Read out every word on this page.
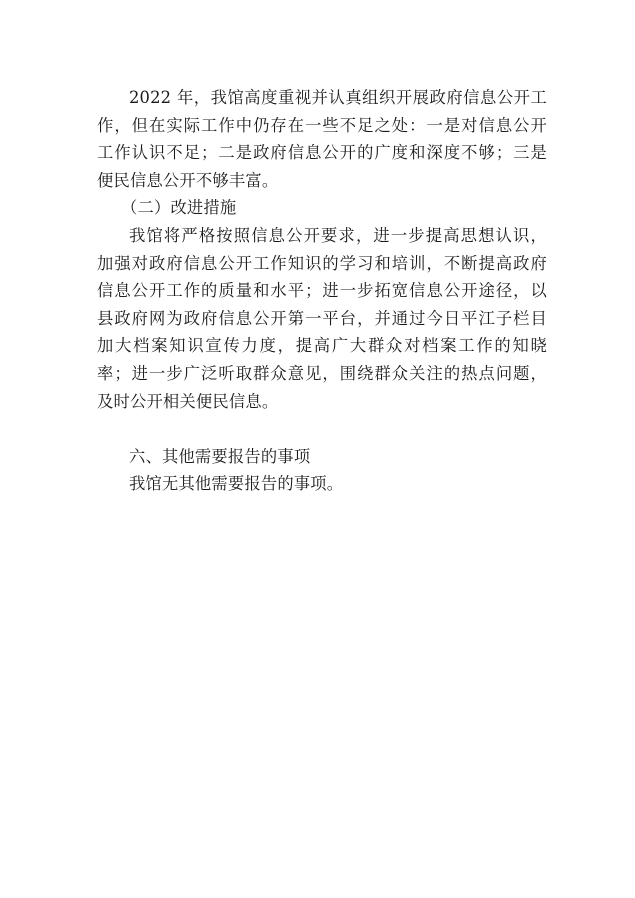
2022 年，我馆高度重视并认真组织开展政府信息公开工
作，但在实际工作中仍存在一些不足之处：一是对信息公开
工作认识不足；二是政府信息公开的广度和深度不够；三是
便民信息公开不够丰富。
（二）改进措施
我馆将严格按照信息公开要求，进一步提高思想认识，
加强对政府信息公开工作知识的学习和培训，不断提高政府
信息公开工作的质量和水平；进一步拓宽信息公开途径，以
县政府网为政府信息公开第一平台，并通过今日平江子栏目
加大档案知识宣传力度，提高广大群众对档案工作的知晓
率；进一步广泛听取群众意见，围绕群众关注的热点问题，
及时公开相关便民信息。
六、其他需要报告的事项
我馆无其他需要报告的事项。
